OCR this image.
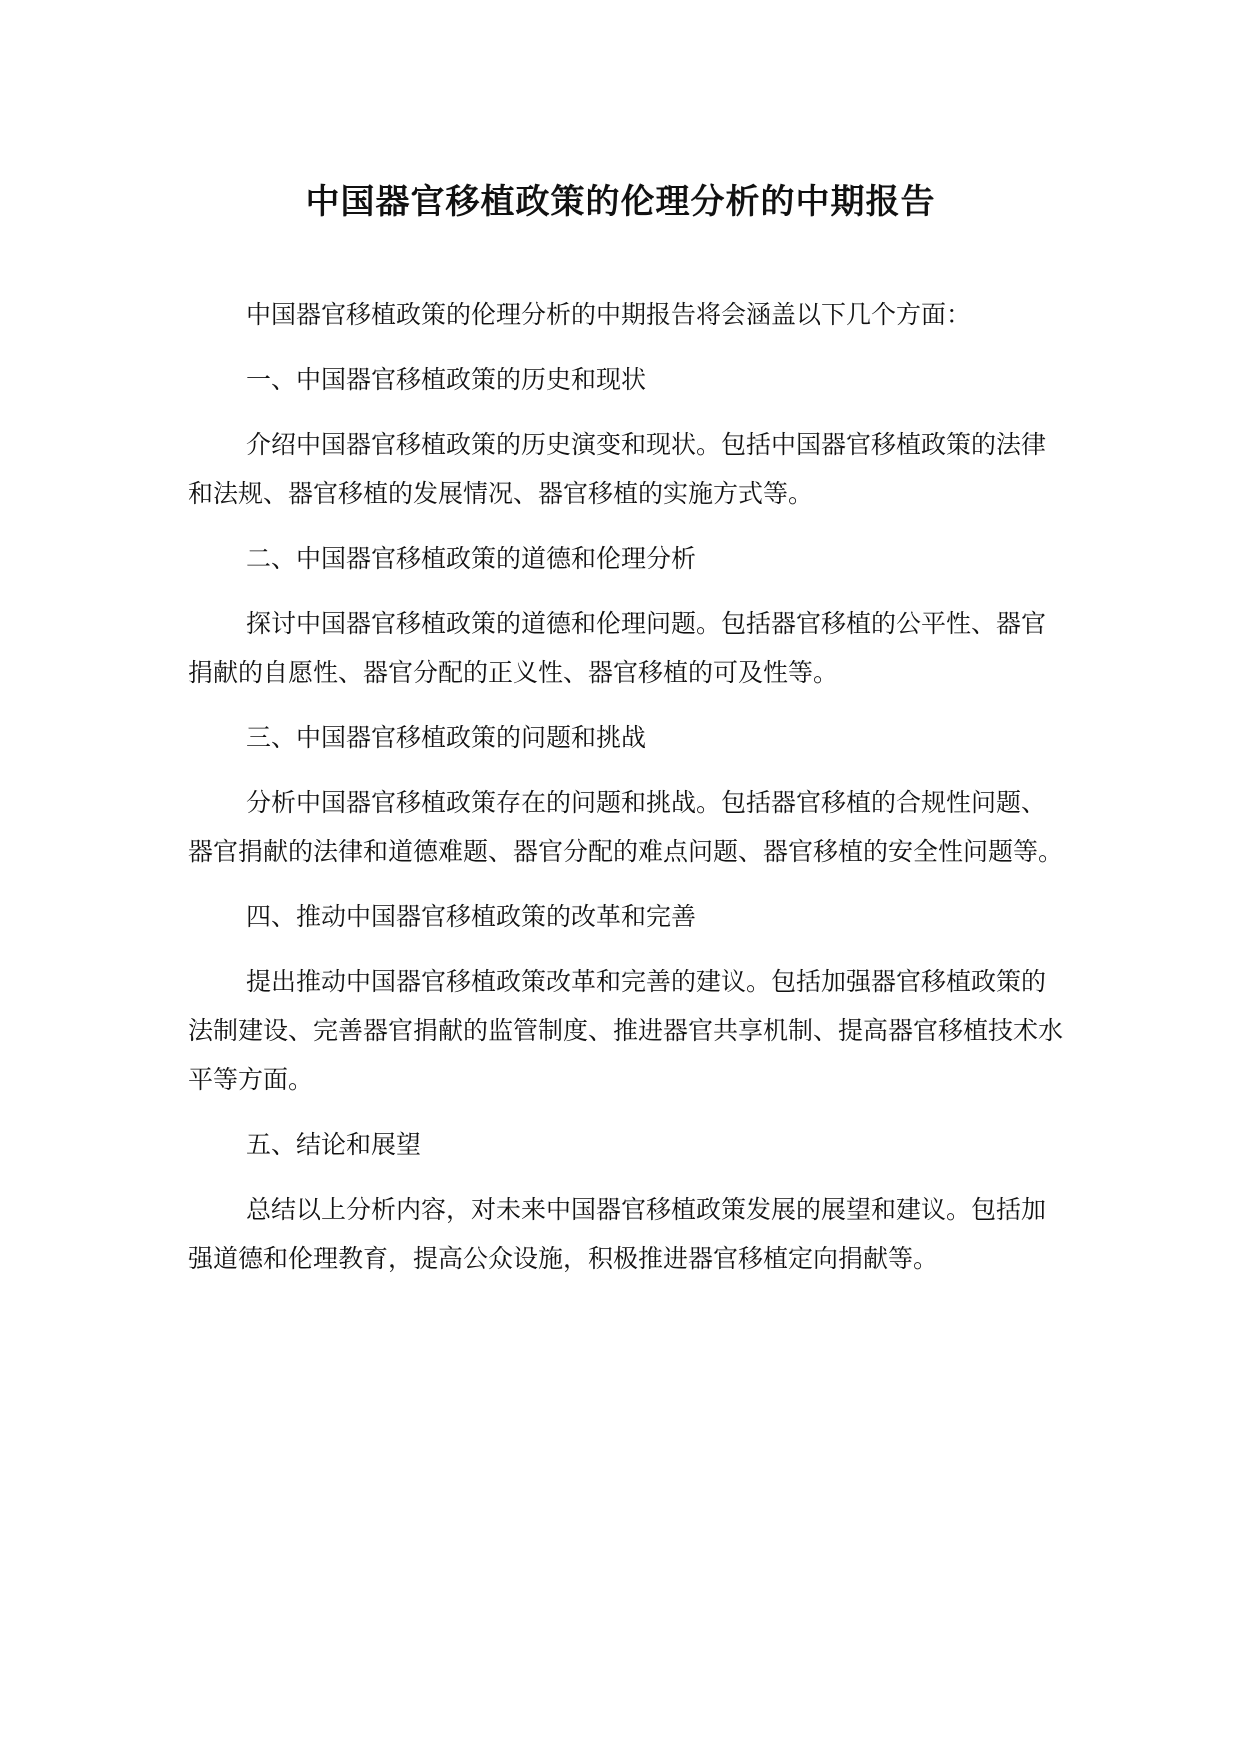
中国器官移植政策的伦理分析的中期报告

中国器官移植政策的伦理分析的中期报告将会涵盖以下几个方面：

一、中国器官移植政策的历史和现状

介绍中国器官移植政策的历史演变和现状。包括中国器官移植政策的法律和法规、器官移植的发展情况、器官移植的实施方式等。

二、中国器官移植政策的道德和伦理分析

探讨中国器官移植政策的道德和伦理问题。包括器官移植的公平性、器官捐献的自愿性、器官分配的正义性、器官移植的可及性等。

三、中国器官移植政策的问题和挑战

分析中国器官移植政策存在的问题和挑战。包括器官移植的合规性问题、器官捐献的法律和道德难题、器官分配的难点问题、器官移植的安全性问题等。

四、推动中国器官移植政策的改革和完善

提出推动中国器官移植政策改革和完善的建议。包括加强器官移植政策的法制建设、完善器官捐献的监管制度、推进器官共享机制、提高器官移植技术水平等方面。

五、结论和展望

总结以上分析内容，对未来中国器官移植政策发展的展望和建议。包括加强道德和伦理教育，提高公众设施，积极推进器官移植定向捐献等。
